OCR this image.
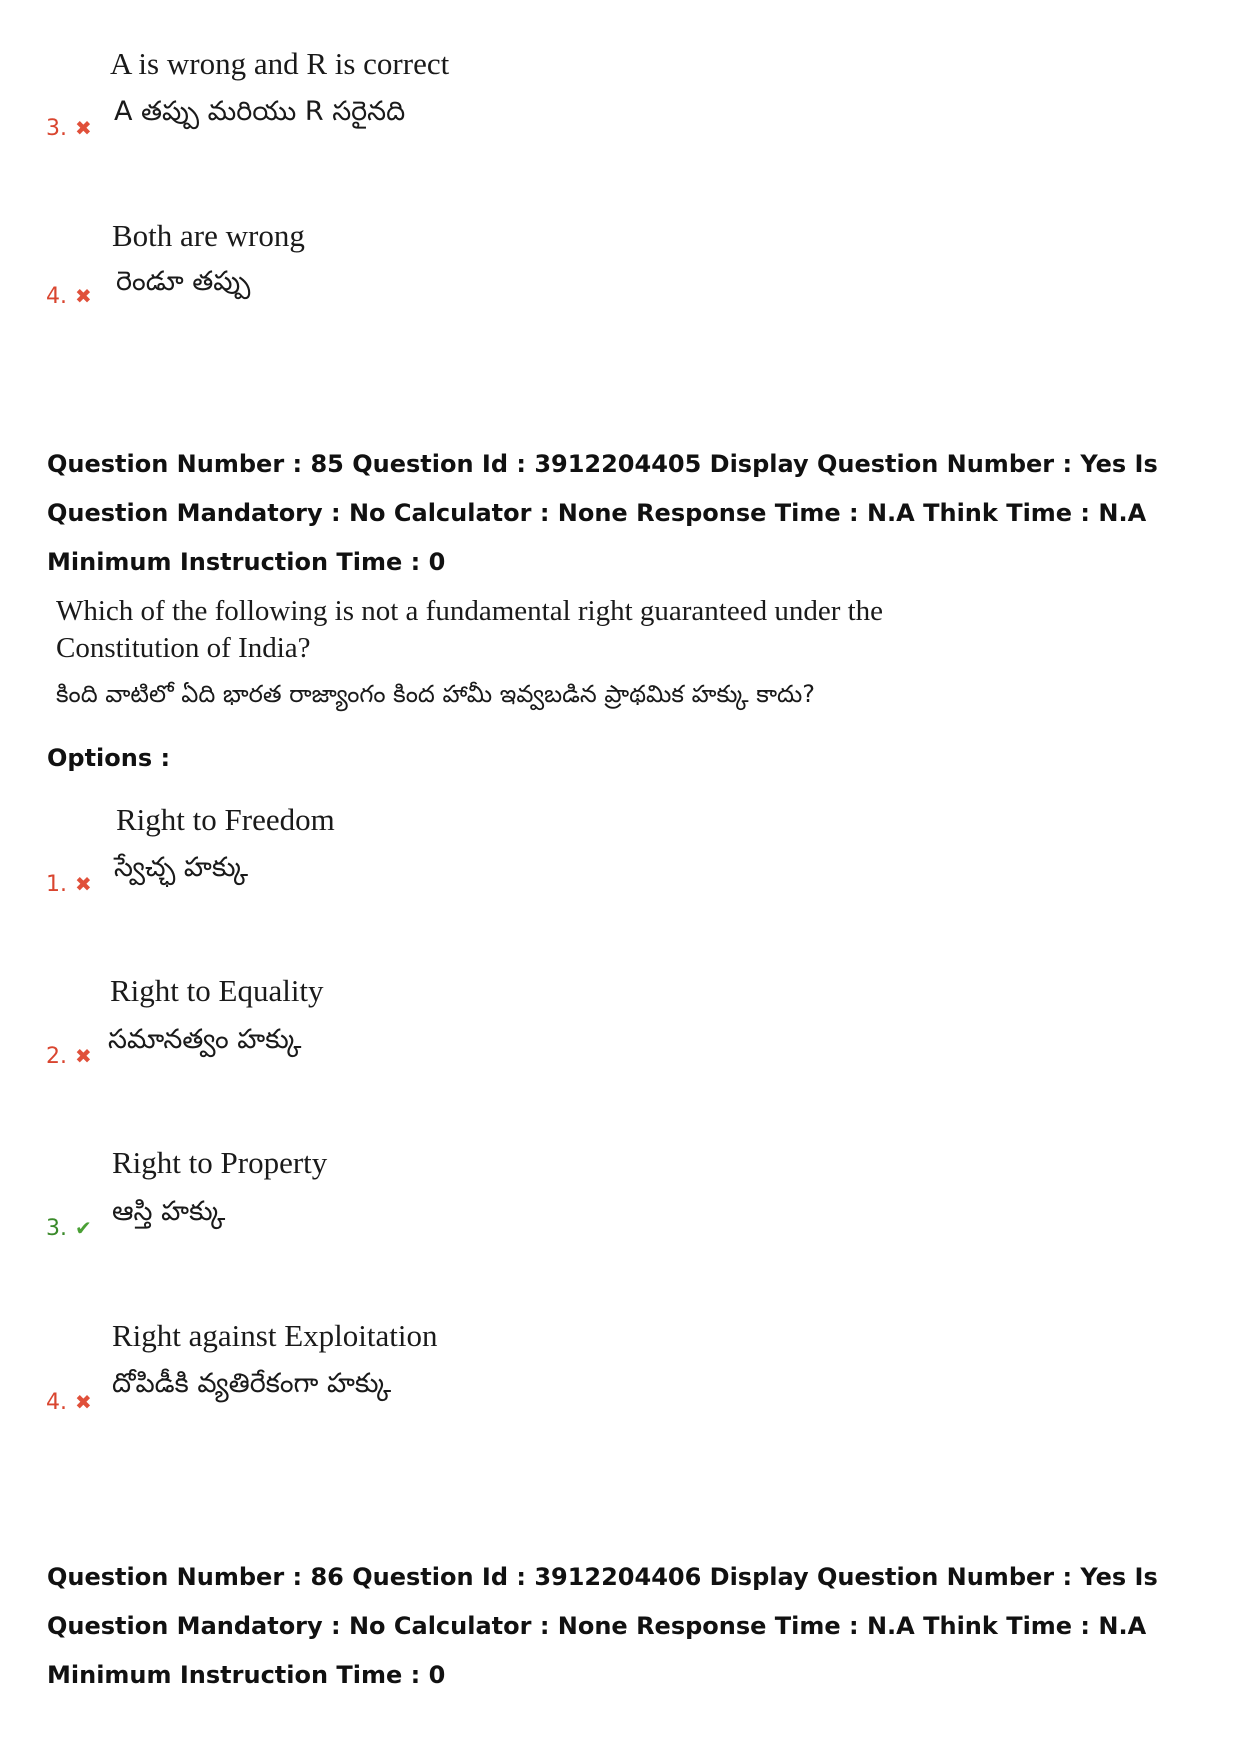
A is wrong and R is correct
A తప్పు మరియు R సరైనది
3. ✖
Both are wrong
రెండూ తప్పు
4. ✖
Question Number : 85 Question Id : 3912204405 Display Question Number : Yes Is Question Mandatory : No Calculator : None Response Time : N.A Think Time : N.A Minimum Instruction Time : 0
Which of the following is not a fundamental right guaranteed under the Constitution of India?
కింది వాటిలో ఏది భారత రాజ్యాంగం కింద హామీ ఇవ్వబడిన ప్రాథమిక హక్కు కాదు?
Options :
Right to Freedom
స్వేచ్ఛ హక్కు
1. ✖
Right to Equality
సమానత్వం హక్కు
2. ✖
Right to Property
ఆస్తి హక్కు
3. ✔
Right against Exploitation
దోపిడీకి వ్యతిరేకంగా హక్కు
4. ✖
Question Number : 86 Question Id : 3912204406 Display Question Number : Yes Is Question Mandatory : No Calculator : None Response Time : N.A Think Time : N.A Minimum Instruction Time : 0
